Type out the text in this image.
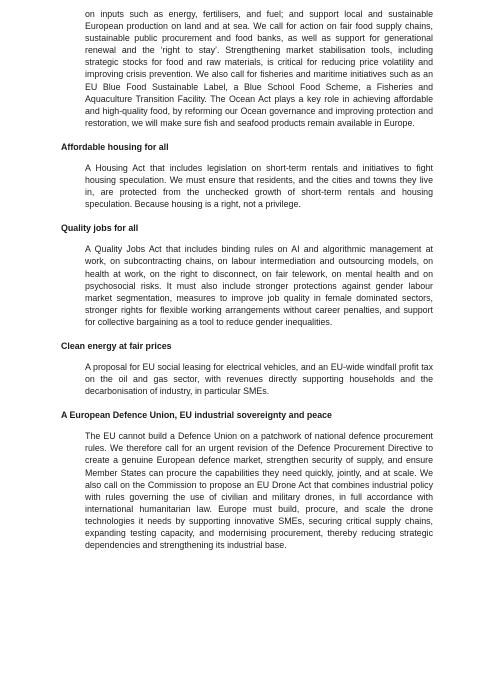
on inputs such as energy, fertilisers, and fuel; and support local and sustainable European production on land and at sea. We call for action on fair food supply chains, sustainable public procurement and food banks, as well as support for generational renewal and the ‘right to stay’. Strengthening market stabilisation tools, including strategic stocks for food and raw materials, is critical for reducing price volatility and improving crisis prevention. We also call for fisheries and maritime initiatives such as an EU Blue Food Sustainable Label, a Blue School Food Scheme, a Fisheries and Aquaculture Transition Facility. The Ocean Act plays a key role in achieving affordable and high-quality food, by reforming our Ocean governance and improving protection and restoration, we will make sure fish and seafood products remain available in Europe.

Affordable housing for all

A Housing Act that includes legislation on short-term rentals and initiatives to fight housing speculation. We must ensure that residents, and the cities and towns they live in, are protected from the unchecked growth of short-term rentals and housing speculation. Because housing is a right, not a privilege.

Quality jobs for all

A Quality Jobs Act that includes binding rules on AI and algorithmic management at work, on subcontracting chains, on labour intermediation and outsourcing models, on health at work, on the right to disconnect, on fair telework, on mental health and on psychosocial risks. It must also include stronger protections against gender labour market segmentation, measures to improve job quality in female dominated sectors, stronger rights for flexible working arrangements without career penalties, and support for collective bargaining as a tool to reduce gender inequalities.

Clean energy at fair prices

A proposal for EU social leasing for electrical vehicles, and an EU-wide windfall profit tax on the oil and gas sector, with revenues directly supporting households and the decarbonisation of industry, in particular SMEs.

A European Defence Union, EU industrial sovereignty and peace

The EU cannot build a Defence Union on a patchwork of national defence procurement rules. We therefore call for an urgent revision of the Defence Procurement Directive to create a genuine European defence market, strengthen security of supply, and ensure Member States can procure the capabilities they need quickly, jointly, and at scale. We also call on the Commission to propose an EU Drone Act that combines industrial policy with rules governing the use of civilian and military drones, in full accordance with international humanitarian law. Europe must build, procure, and scale the drone technologies it needs by supporting innovative SMEs, securing critical supply chains, expanding testing capacity, and modernising procurement, thereby reducing strategic dependencies and strengthening its industrial base.
